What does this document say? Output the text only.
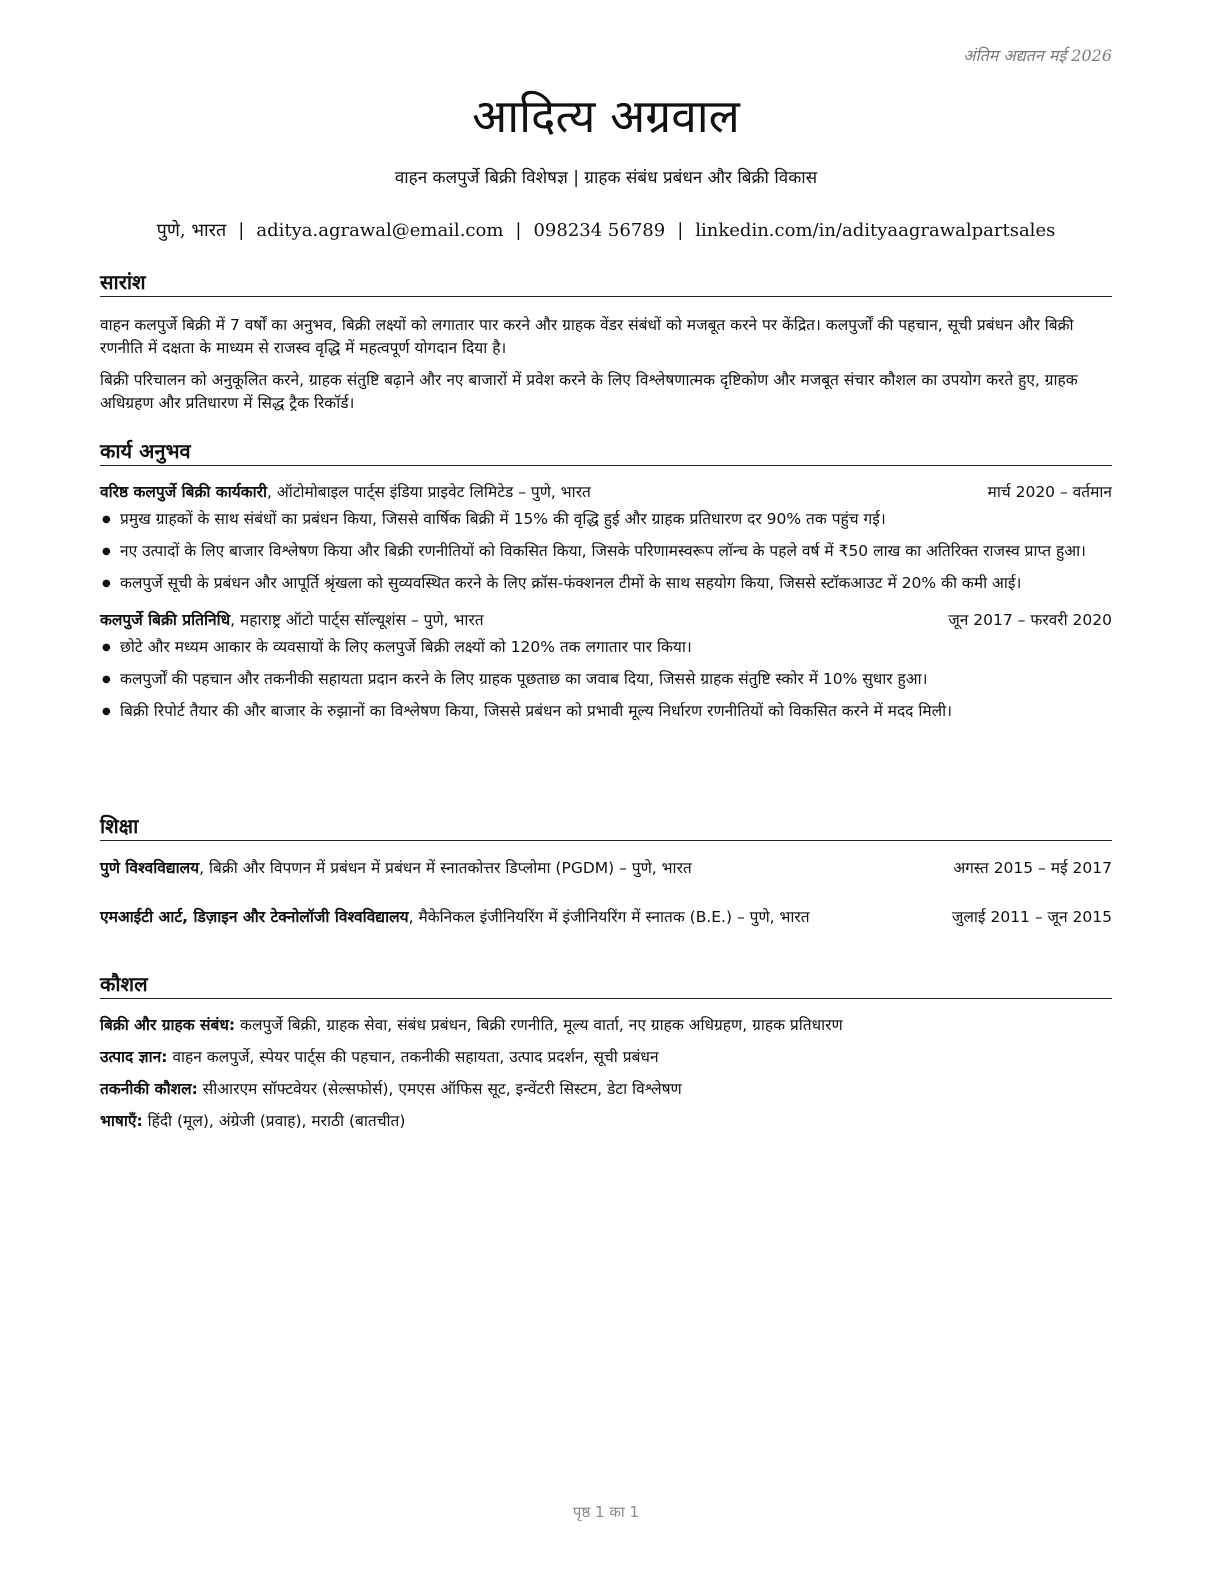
अंतिम अद्यतन मई 2026
आदित्य अग्रवाल
वाहन कलपुर्जे बिक्री विशेषज्ञ | ग्राहक संबंध प्रबंधन और बिक्री विकास
पुणे, भारत | aditya.agrawal@email.com | 098234 56789 | linkedin.com/in/adityaagrawalpartsales
सारांश

वाहन कलपुर्जे बिक्री में 7 वर्षों का अनुभव, बिक्री लक्ष्यों को लगातार पार करने और ग्राहक वेंडर संबंधों को मजबूत करने पर केंद्रित। कलपुर्जों की पहचान, सूची प्रबंधन और बिक्री रणनीति में दक्षता के माध्यम से राजस्व वृद्धि में महत्वपूर्ण योगदान दिया है।

बिक्री परिचालन को अनुकूलित करने, ग्राहक संतुष्टि बढ़ाने और नए बाजारों में प्रवेश करने के लिए विश्लेषणात्मक दृष्टिकोण और मजबूत संचार कौशल का उपयोग करते हुए, ग्राहक अधिग्रहण और प्रतिधारण में सिद्ध ट्रैक रिकॉर्ड।

कार्य अनुभव
वरिष्ठ कलपुर्जे बिक्री कार्यकारी, ऑटोमोबाइल पार्ट्स इंडिया प्राइवेट लिमिटेड – पुणे, भारत	मार्च 2020 – वर्तमान
● प्रमुख ग्राहकों के साथ संबंधों का प्रबंधन किया, जिससे वार्षिक बिक्री में 15% की वृद्धि हुई और ग्राहक प्रतिधारण दर 90% तक पहुंच गई।
● नए उत्पादों के लिए बाजार विश्लेषण किया और बिक्री रणनीतियों को विकसित किया, जिसके परिणामस्वरूप लॉन्च के पहले वर्ष में ₹50 लाख का अतिरिक्त राजस्व प्राप्त हुआ।
● कलपुर्जे सूची के प्रबंधन और आपूर्ति श्रृंखला को सुव्यवस्थित करने के लिए क्रॉस-फंक्शनल टीमों के साथ सहयोग किया, जिससे स्टॉकआउट में 20% की कमी आई।
कलपुर्जे बिक्री प्रतिनिधि, महाराष्ट्र ऑटो पार्ट्स सॉल्यूशंस – पुणे, भारत	जून 2017 – फरवरी 2020
● छोटे और मध्यम आकार के व्यवसायों के लिए कलपुर्जे बिक्री लक्ष्यों को 120% तक लगातार पार किया।
● कलपुर्जों की पहचान और तकनीकी सहायता प्रदान करने के लिए ग्राहक पूछताछ का जवाब दिया, जिससे ग्राहक संतुष्टि स्कोर में 10% सुधार हुआ।
● बिक्री रिपोर्ट तैयार की और बाजार के रुझानों का विश्लेषण किया, जिससे प्रबंधन को प्रभावी मूल्य निर्धारण रणनीतियों को विकसित करने में मदद मिली।
शिक्षा
पुणे विश्वविद्यालय, बिक्री और विपणन में प्रबंधन में प्रबंधन में स्नातकोत्तर डिप्लोमा (PGDM) – पुणे, भारत	अगस्त 2015 – मई 2017
एमआईटी आर्ट, डिज़ाइन और टेक्नोलॉजी विश्वविद्यालय, मैकेनिकल इंजीनियरिंग में इंजीनियरिंग में स्नातक (B.E.) – पुणे, भारत	जुलाई 2011 – जून 2015
कौशल

बिक्री और ग्राहक संबंध: कलपुर्जे बिक्री, ग्राहक सेवा, संबंध प्रबंधन, बिक्री रणनीति, मूल्य वार्ता, नए ग्राहक अधिग्रहण, ग्राहक प्रतिधारण

उत्पाद ज्ञान: वाहन कलपुर्जे, स्पेयर पार्ट्स की पहचान, तकनीकी सहायता, उत्पाद प्रदर्शन, सूची प्रबंधन

तकनीकी कौशल: सीआरएम सॉफ्टवेयर (सेल्सफोर्स), एमएस ऑफिस सूट, इन्वेंटरी सिस्टम, डेटा विश्लेषण

भाषाएँ: हिंदी (मूल), अंग्रेजी (प्रवाह), मराठी (बातचीत)

पृष्ठ 1 का 1
